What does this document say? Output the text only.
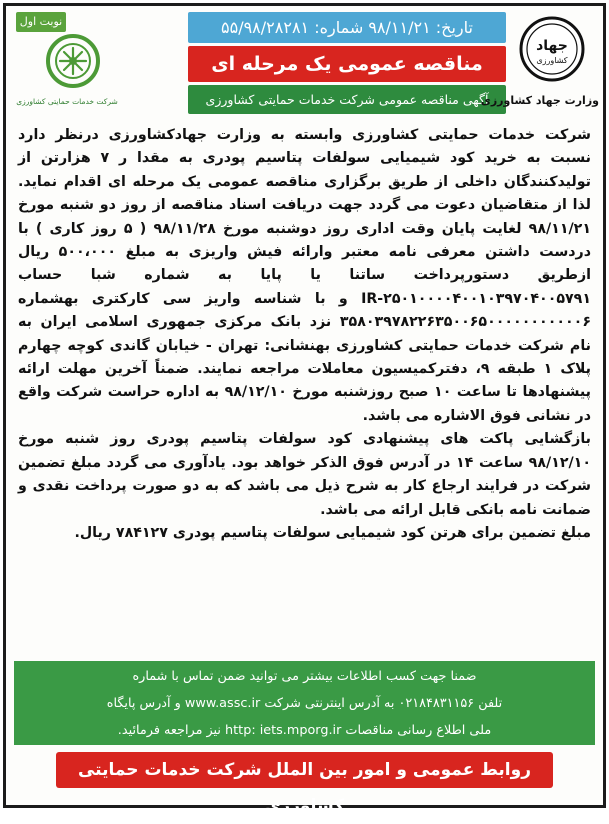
نوبت اول
شرکت خدمات حمایتی کشاورزی
تاریخ: ۹۸/۱۱/۲۱ شماره: ۵۵/۹۸/۲۸۲۸۱
مناقصه عمومی یک مرحله ای
آگهی مناقصه عمومی شرکت خدمات حمایتی کشاورزی
جهاد
کشاورزی
وزارت جهاد کشاورزی

شرکت خدمات حمایتی کشاورزی وابسته به وزارت جهادکشاورزی درنظر دارد نسبت به خرید کود شیمیایی سولفات پتاسیم پودری به مقدا ر ۷ هزارتن از تولیدکنندگان داخلی از طریق برگزاری مناقصه عمومی یک مرحله ای اقدام نماید. لذا از متقاضیان دعوت می گردد جهت دریافت اسناد مناقصه از روز دو شنبه مورخ ۹۸/۱۱/۲۱ لغایت پایان وقت اداری روز دوشنبه مورخ ۹۸/۱۱/۲۸ ( ۵ روز کاری ) با دردست داشتن معرفی نامه معتبر وارائه فیش واریزی به مبلغ ۵۰۰،۰۰۰ ریال ازطریق دستورپرداخت ساتنا یا پایا به شماره شبا حساب IR-۲۵۰۱۰۰۰۰۴۰۰۱۰۳۹۷۰۴۰۰۵۷۹۱ و با شناسه واریز سی کارکتری بهشماره ۳۵۸۰۳۹۷۸۲۲۶۳۵۰۰۶۵۰۰۰۰۰۰۰۰۰۰۰۶ نزد بانک مرکزی جمهوری اسلامی ایران به نام شرکت خدمات حمایتی کشاورزی بهنشانی: تهران - خیابان گاندی کوچه چهارم پلاک ۱ طبقه ۹، دفترکمیسیون معاملات مراجعه نمایند. ضمناً آخرین مهلت ارائه پیشنهادها تا ساعت ۱۰ صبح روزشنبه مورخ ۹۸/۱۲/۱۰ به اداره حراست شرکت واقع در نشانی فوق الاشاره می باشد.

بازگشایی پاکت های پیشنهادی کود سولفات پتاسیم پودری روز شنبه مورخ ۹۸/۱۲/۱۰ ساعت ۱۴ در آدرس فوق الذکر خواهد بود. یادآوری می گردد مبلغ تضمین شرکت در فرایند ارجاع کار به شرح ذیل می باشد که به دو صورت پرداخت نقدی و ضمانت نامه بانکی قابل ارائه می باشد.

مبلغ تضمین برای هرتن کود شیمیایی سولفات پتاسیم پودری ۷۸۴۱۲۷ ریال.

ضمنا جهت کسب اطلاعات بیشتر می توانید ضمن تماس با شماره
تلفن ۰۲۱۸۴۸۳۱۱۵۶ به آدرس اینترنتی شرکت www.assc.ir و آدرس پایگاه
ملی اطلاع رسانی مناقصات http: iets.mporg.ir نیز مراجعه فرمائید.
روابط عمومی و امور بین الملل شرکت خدمات حمایتی کشاورزی
